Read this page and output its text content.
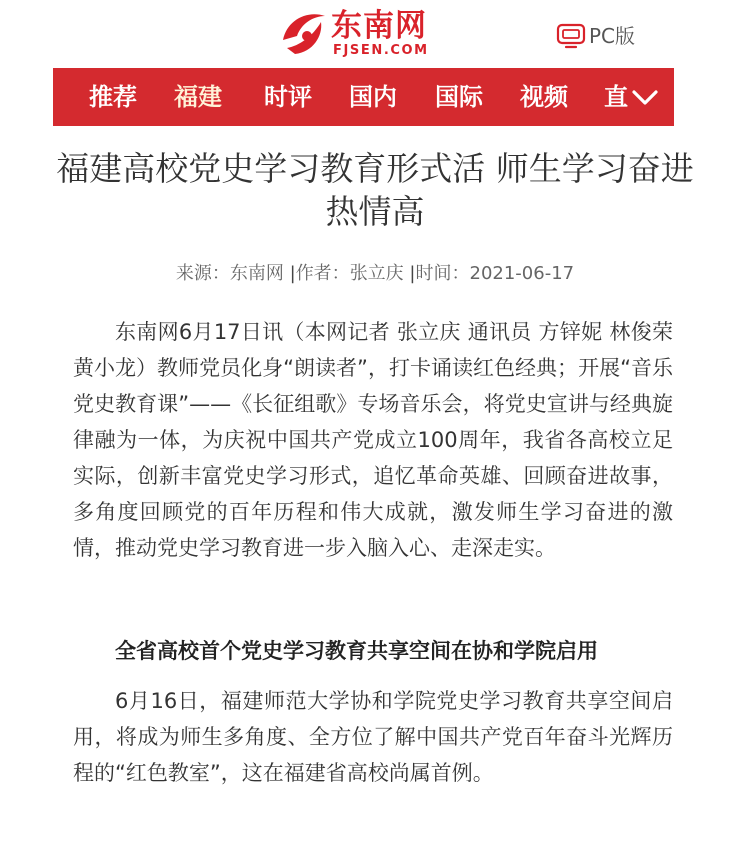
东南网
FJSEN.COM
PC版
推荐 福建 时评 国内 国际 视频 直
福建高校党史学习教育形式活 师生学习奋进热情高
来源：东南网 |作者：张立庆 |时间：2021-06-17

东南网6月17日讯（本网记者 张立庆 通讯员 方锌妮 林俊荣 黄小龙）教师党员化身“朗读者”，打卡诵读红色经典；开展“音乐党史教育课”——《长征组歌》专场音乐会，将党史宣讲与经典旋律融为一体，为庆祝中国共产党成立100周年，我省各高校立足实际，创新丰富党史学习形式，追忆革命英雄、回顾奋进故事，多角度回顾党的百年历程和伟大成就，激发师生学习奋进的激情，推动党史学习教育进一步入脑入心、走深走实。

全省高校首个党史学习教育共享空间在协和学院启用

6月16日，福建师范大学协和学院党史学习教育共享空间启用，将成为师生多角度、全方位了解中国共产党百年奋斗光辉历程的“红色教室”，这在福建省高校尚属首例。
